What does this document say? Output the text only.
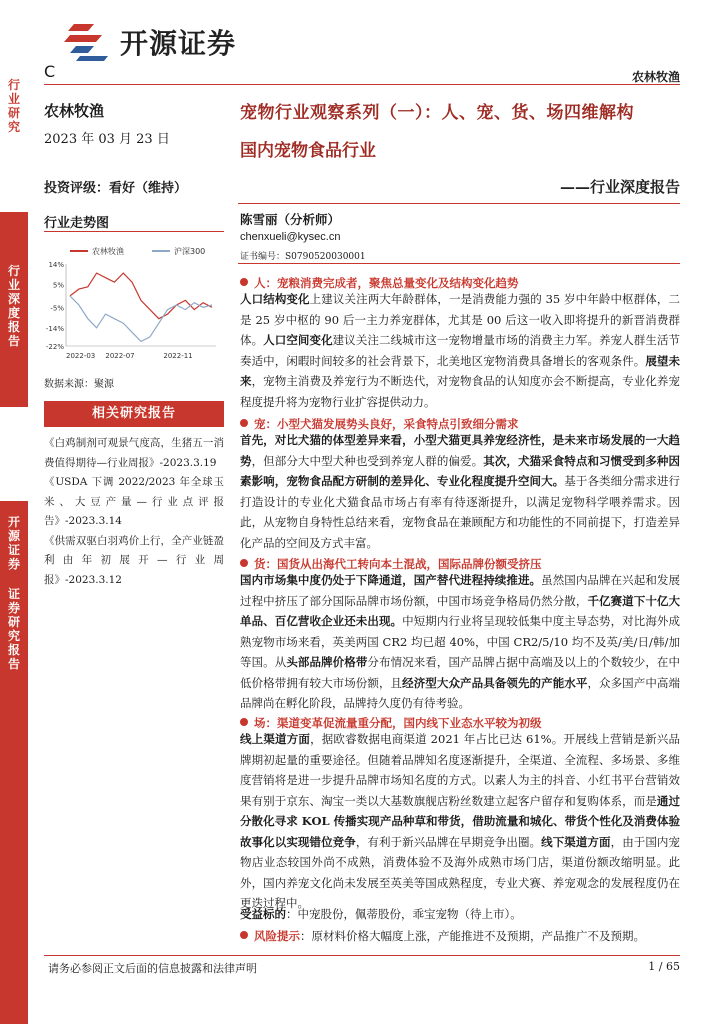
行业研究
行业深度报告
开源证券
证券研究报告
开源证券
C	农林牧渔
农林牧渔
2023 年 03 月 23 日
投资评级：看好（维持）
行业走势图
农林牧渔	沪深300
14%
5%
-5%
-14%
-22%
2022-03 2022-07	2022-11
数据来源：聚源
相关研究报告
《白鸡制剂可观景气度高，生猪五一消费值得期待—行业周报》-2023.3.19
《USDA 下调 2022/2023 年全球玉米、大豆产量—行业点评报告》-2023.3.14
《供需双驱白羽鸡价上行，全产业链盈利由年初展开—行业周报》-2023.3.12
宠物行业观察系列（一）：人、宠、货、场四维解构
国内宠物食品行业
——行业深度报告
陈雪丽（分析师）
chenxueli@kysec.cn
证书编号：S0790520030001
人：宠粮消费完成者，聚焦总量变化及结构变化趋势
人口结构变化上建议关注两大年龄群体，一是消费能力强的 35 岁中年龄中枢群体，二是 25 岁中枢的 90 后一主力养宠群体，尤其是 00 后这一收入即将提升的新晋消费群体。人口空间变化建议关注二线城市这一宠物增量市场的消费主力军。养宠人群生活节奏适中，闲暇时间较多的社会背景下，北美地区宠物消费具备增长的客观条件。展望未来，宠物主消费及养宠行为不断迭代，对宠物食品的认知度亦会不断提高，专业化养宠程度提升将为宠物行业扩容提供动力。
宠：小型犬猫发展势头良好，采食特点引致细分需求
首先，对比犬猫的体型差异来看，小型犬猫更具养宠经济性，是未来市场发展的一大趋势，但部分大中型犬种也受到养宠人群的偏爱。其次，犬猫采食特点和习惯受到多种因素影响，宠物食品配方研制的差异化、专业化程度提升空间大。基于各类细分需求进行打造设计的专业化犬猫食品市场占有率有待逐渐提升，以满足宠物科学喂养需求。因此，从宠物自身特性总结来看，宠物食品在兼顾配方和功能性的不同前提下，打造差异化产品的空间及方式丰富。
货：国货从出海代工转向本土混战，国际品牌份额受挤压
国内市场集中度仍处于下降通道，国产替代进程持续推进。虽然国内品牌在兴起和发展过程中挤压了部分国际品牌市场份额，中国市场竞争格局仍然分散，千亿赛道下十亿大单品、百亿营收企业还未出现。中短期内行业将呈现较低集中度主导态势，对比海外成熟宠物市场来看，英美两国 CR2 均已超 40%，中国 CR2/5/10 均不及英/美/日/韩/加等国。从头部品牌价格带分布情况来看，国产品牌占据中高端及以上的个数较少，在中低价格带拥有较大市场份额，且经济型大众产品具备领先的产能水平，众多国产中高端品牌尚在孵化阶段，品牌持久度仍有待考验。
场：渠道变革促流量重分配，国内线下业态水平较为初级
线上渠道方面，据欧睿数据电商渠道 2021 年占比已达 61%。开展线上营销是新兴品牌期初起量的重要途径。但随着品牌知名度逐渐提升，全渠道、全流程、多场景、多维度营销将是进一步提升品牌市场知名度的方式。以素人为主的抖音、小红书平台营销效果有别于京东、淘宝一类以大基数旗舰店粉丝数建立起客户留存和复购体系，而是通过分散化寻求 KOL 传播实现产品种草和带货，借助流量和城化、带货个性化及消费体验故事化以实现错位竞争，有利于新兴品牌在早期竞争出圈。线下渠道方面，由于国内宠物店业态较国外尚不成熟，消费体验不及海外成熟市场门店，渠道份额改缩明显。此外，国内养宠文化尚未发展至英美等国成熟程度，专业犬赛、养宠观念的发展程度仍在更迭过程中。
受益标的：中宠股份，佩蒂股份，乖宝宠物（待上市）。
风险提示：原材料价格大幅度上涨，产能推进不及预期，产品推广不及预期。
请务必参阅正文后面的信息披露和法律声明	1 / 65
